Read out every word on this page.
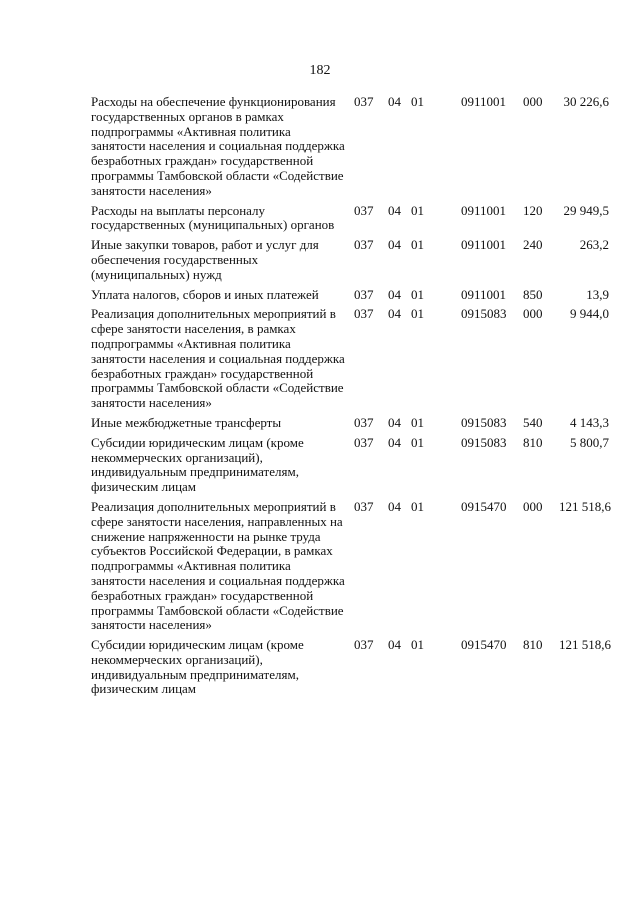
182
Расходы на обеспечение функционирования государственных органов в рамках подпрограммы «Активная политика занятости населения и социальная поддержка безработных граждан» государственной программы Тамбовской области «Содействие занятости населения»	037	04	01	0911001	000	30 226,6
Расходы на выплаты персоналу государственных (муниципальных) органов	037	04	01	0911001	120	29 949,5
Иные закупки товаров, работ и услуг для обеспечения государственных (муниципальных) нужд	037	04	01	0911001	240	263,2
Уплата налогов, сборов и иных платежей	037	04	01	0911001	850	13,9
Реализация дополнительных мероприятий в сфере занятости населения, в рамках подпрограммы «Активная политика занятости населения и социальная поддержка безработных граждан» государственной программы Тамбовской области «Содействие занятости населения»	037	04	01	0915083	000	9 944,0
Иные межбюджетные трансферты	037	04	01	0915083	540	4 143,3
Субсидии юридическим лицам (кроме некоммерческих организаций), индивидуальным предпринимателям, физическим лицам	037	04	01	0915083	810	5 800,7
Реализация дополнительных мероприятий в сфере занятости населения, направленных на снижение напряженности на рынке труда субъектов Российской Федерации, в рамках подпрограммы «Активная политика занятости населения и социальная поддержка безработных граждан» государственной программы Тамбовской области «Содействие занятости населения»	037	04	01	0915470	000	121 518,6
Субсидии юридическим лицам (кроме некоммерческих организаций), индивидуальным предпринимателям, физическим лицам	037	04	01	0915470	810	121 518,6
